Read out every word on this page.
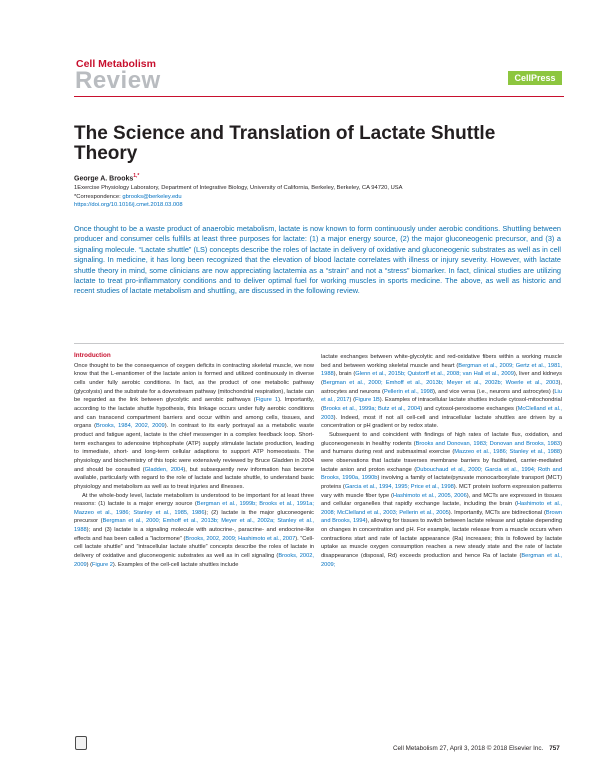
Cell Metabolism
Review	CellPress
The Science and Translation of Lactate Shuttle Theory
George A. Brooks$^{1,*}$
1Exercise Physiology Laboratory, Department of Integrative Biology, University of California, Berkeley, Berkeley, CA 94720, USA
*Correspondence: gbrooks@berkeley.edu
https://doi.org/10.1016/j.cmet.2018.03.008
Once thought to be a waste product of anaerobic metabolism, lactate is now known to form continuously under aerobic conditions. Shuttling between producer and consumer cells fulfills at least three purposes for lactate: (1) a major energy source, (2) the major gluconeogenic precursor, and (3) a signaling molecule. “Lactate shuttle” (LS) concepts describe the roles of lactate in delivery of oxidative and gluconeogenic substrates as well as in cell signaling. In medicine, it has long been recognized that the elevation of blood lactate correlates with illness or injury severity. However, with lactate shuttle theory in mind, some clinicians are now appreciating lactatemia as a “strain” and not a “stress” biomarker. In fact, clinical studies are utilizing lactate to treat pro-inflammatory conditions and to deliver optimal fuel for working muscles in sports medicine. The above, as well as historic and recent studies of lactate metabolism and shuttling, are discussed in the following review.

Introduction

Once thought to be the consequence of oxygen deficits in contracting skeletal muscle, we now know that the L-enantiomer of the lactate anion is formed and utilized continuously in diverse cells under fully aerobic conditions. In fact, as the product of one metabolic pathway (glycolysis) and the substrate for a downstream pathway (mitochondrial respiration), lactate can be regarded as the link between glycolytic and aerobic pathways (Figure 1). Importantly, according to the lactate shuttle hypothesis, this linkage occurs under fully aerobic conditions and can transcend compartment barriers and occur within and among cells, tissues, and organs (Brooks, 1984, 2002, 2009). In contrast to its early portrayal as a metabolic waste product and fatigue agent, lactate is the chief messenger in a complex feedback loop. Short-term exchanges to adenosine triphosphate (ATP) supply stimulate lactate production, leading to immediate, short- and long-term cellular adaptions to support ATP homeostasis. The physiology and biochemistry of this topic were extensively reviewed by Bruce Gladden in 2004 and should be consulted (Gladden, 2004), but subsequently new information has become available, particularly with regard to the role of lactate and lactate shuttle, to understand basic physiology and metabolism as well as to treat injuries and illnesses.

At the whole-body level, lactate metabolism is understood to be important for at least three reasons: (1) lactate is a major energy source (Bergman et al., 1999b; Brooks et al., 1991a; Mazzeo et al., 1986; Stanley et al., 1985, 1986); (2) lactate is the major gluconeogenic precursor (Bergman et al., 2000; Emhoff et al., 2013b; Meyer et al., 2002a; Stanley et al., 1988); and (3) lactate is a signaling molecule with autocrine-, paracrine- and endocrine-like effects and has been called a “lactormone” (Brooks, 2002, 2009; Hashimoto et al., 2007). “Cell-cell lactate shuttle” and “intracellular lactate shuttle” concepts describe the roles of lactate in delivery of oxidative and gluconeogenic substrates as well as in cell signaling (Brooks, 2002, 2009) (Figure 2). Examples of the cell-cell lactate shuttles include

lactate exchanges between white-glycolytic and red-oxidative fibers within a working muscle bed and between working skeletal muscle and heart (Bergman et al., 2009; Gertz et al., 1981, 1988), brain (Glenn et al., 2015b; Quistorff et al., 2008; van Hall et al., 2009), liver and kidneys (Bergman et al., 2000; Emhoff et al., 2013b; Meyer et al., 2002b; Woerle et al., 2003), astrocytes and neurons (Pellerin et al., 1998), and vice versa (i.e., neurons and astrocytes) (Liu et al., 2017) (Figure 1B). Examples of intracellular lactate shuttles include cytosol-mitochondrial (Brooks et al., 1999a; Butz et al., 2004) and cytosol-peroxisome exchanges (McClelland et al., 2003). Indeed, most if not all cell-cell and intracellular lactate shuttles are driven by a concentration or pH gradient or by redox state.

Subsequent to and coincident with findings of high rates of lactate flux, oxidation, and gluconeogenesis in healthy rodents (Brooks and Donovan, 1983; Donovan and Brooks, 1983) and humans during rest and submaximal exercise (Mazzeo et al., 1986; Stanley et al., 1988) were observations that lactate traverses membrane barriers by facilitated, carrier-mediated lactate anion and proton exchange (Dubouchaud et al., 2000; Garcia et al., 1994; Roth and Brooks, 1990a, 1990b) involving a family of lactate/pyruvate monocarboxylate transport (MCT) proteins (Garcia et al., 1994, 1995; Price et al., 1998). MCT protein isoform expression patterns vary with muscle fiber type (Hashimoto et al., 2005, 2006), and MCTs are expressed in tissues and cellular organelles that rapidly exchange lactate, including the brain (Hashimoto et al., 2008; McClelland et al., 2003; Pellerin et al., 2005). Importantly, MCTs are bidirectional (Brown and Brooks, 1994), allowing for tissues to switch between lactate release and uptake depending on changes in concentration and pH. For example, lactate release from a muscle occurs when contractions start and rate of lactate appearance (Ra) increases; this is followed by lactate uptake as muscle oxygen consumption reaches a new steady state and the rate of lactate disappearance (disposal, Rd) exceeds production and hence Ra of lactate (Bergman et al., 2009;

Cell Metabolism 27, April 3, 2018 © 2018 Elsevier Inc. 757
